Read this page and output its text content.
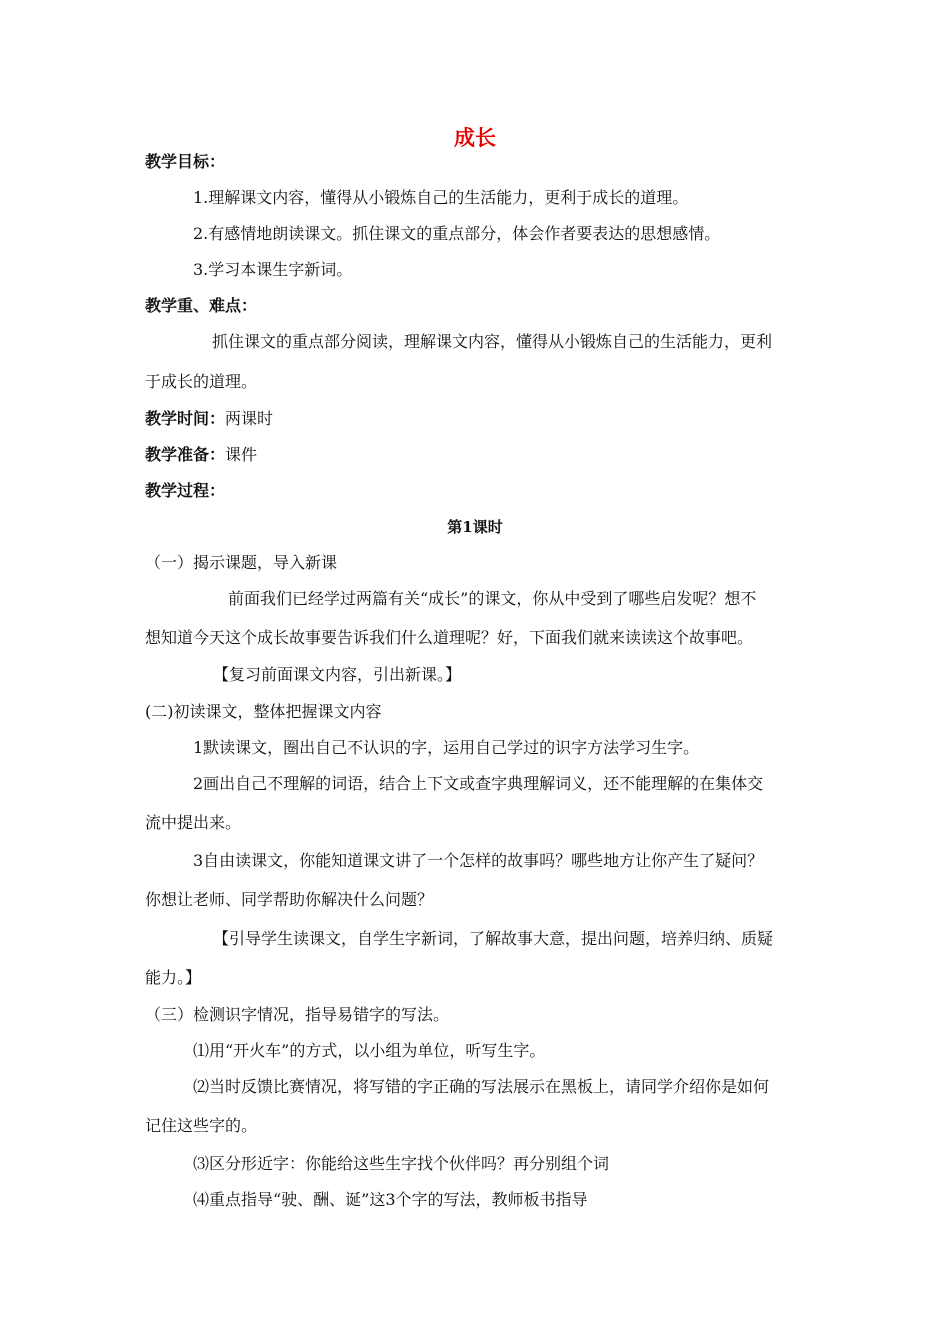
成长
教学目标：
1.理解课文内容，懂得从小锻炼自己的生活能力，更利于成长的道理。
2.有感情地朗读课文。抓住课文的重点部分，体会作者要表达的思想感情。
3.学习本课生字新词。
教学重、难点：
抓住课文的重点部分阅读，理解课文内容，懂得从小锻炼自己的生活能力，更利
于成长的道理。
教学时间：两课时
教学准备：课件
教学过程：
第1课时
（一）揭示课题，导入新课
前面我们已经学过两篇有关“成长”的课文，你从中受到了哪些启发呢？想不
想知道今天这个成长故事要告诉我们什么道理呢？好，下面我们就来读读这个故事吧。
【复习前面课文内容，引出新课。】
(二)初读课文，整体把握课文内容
1默读课文，圈出自己不认识的字，运用自己学过的识字方法学习生字。
2画出自己不理解的词语，结合上下文或查字典理解词义，还不能理解的在集体交
流中提出来。
3自由读课文，你能知道课文讲了一个怎样的故事吗？哪些地方让你产生了疑问？
你想让老师、同学帮助你解决什么问题？
【引导学生读课文，自学生字新词，了解故事大意，提出问题，培养归纳、质疑
能力。】
（三）检测识字情况，指导易错字的写法。
⑴用“开火车”的方式，以小组为单位，听写生字。
⑵当时反馈比赛情况，将写错的字正确的写法展示在黑板上，请同学介绍你是如何
记住这些字的。
⑶区分形近字：你能给这些生字找个伙伴吗？再分别组个词
⑷重点指导“驶、酬、诞”这3个字的写法，教师板书指导
